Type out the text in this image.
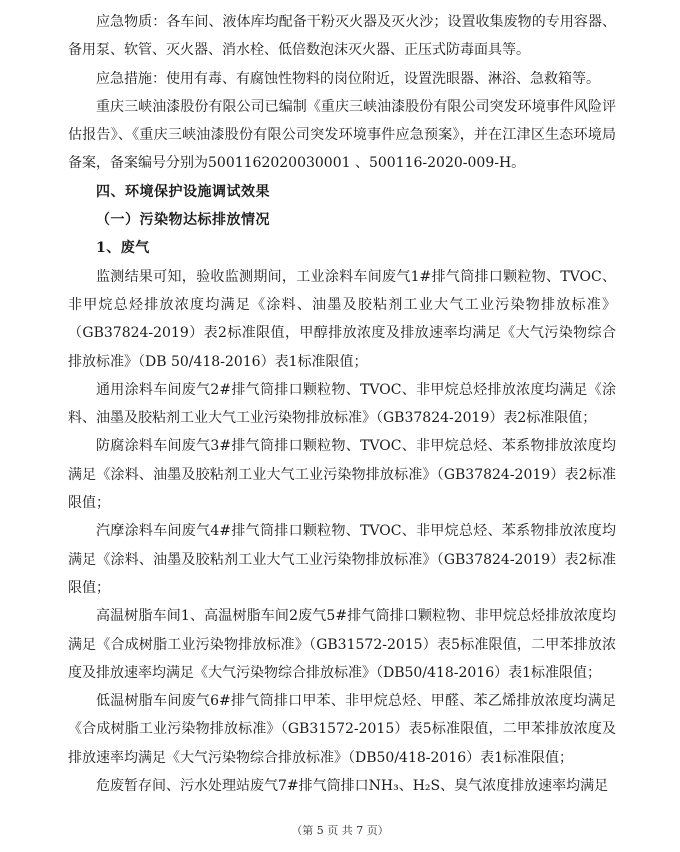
应急物质：各车间、液体库均配备干粉灭火器及灭火沙；设置收集废物的专用容器、备用泵、软管、灭火器、消水栓、低倍数泡沫灭火器、正压式防毒面具等。

应急措施：使用有毒、有腐蚀性物料的岗位附近，设置洗眼器、淋浴、急救箱等。

重庆三峡油漆股份有限公司已编制《重庆三峡油漆股份有限公司突发环境事件风险评估报告》、《重庆三峡油漆股份有限公司突发环境事件应急预案》，并在江津区生态环境局备案，备案编号分别为5001162020030001 、500116-2020-009-H。

四、环境保护设施调试效果

（一）污染物达标排放情况

1、废气

监测结果可知，验收监测期间，工业涂料车间废气1#排气筒排口颗粒物、TVOC、非甲烷总烃排放浓度均满足《涂料、油墨及胶粘剂工业大气工业污染物排放标准》（GB37824-2019）表2标准限值，甲醇排放浓度及排放速率均满足《大气污染物综合排放标准》（DB 50/418-2016）表1标准限值；

通用涂料车间废气2#排气筒排口颗粒物、TVOC、非甲烷总烃排放浓度均满足《涂料、油墨及胶粘剂工业大气工业污染物排放标准》（GB37824-2019）表2标准限值；

防腐涂料车间废气3#排气筒排口颗粒物、TVOC、非甲烷总烃、苯系物排放浓度均满足《涂料、油墨及胶粘剂工业大气工业污染物排放标准》（GB37824-2019）表2标准限值；

汽摩涂料车间废气4#排气筒排口颗粒物、TVOC、非甲烷总烃、苯系物排放浓度均满足《涂料、油墨及胶粘剂工业大气工业污染物排放标准》（GB37824-2019）表2标准限值；

高温树脂车间1、高温树脂车间2废气5#排气筒排口颗粒物、非甲烷总烃排放浓度均满足《合成树脂工业污染物排放标准》（GB31572-2015）表5标准限值，二甲苯排放浓度及排放速率均满足《大气污染物综合排放标准》（DB50/418-2016）表1标准限值；

低温树脂车间废气6#排气筒排口甲苯、非甲烷总烃、甲醛、苯乙烯排放浓度均满足《合成树脂工业污染物排放标准》（GB31572-2015）表5标准限值，二甲苯排放浓度及排放速率均满足《大气污染物综合排放标准》（DB50/418-2016）表1标准限值；

危废暂存间、污水处理站废气7#排气筒排口NH₃、H₂S、臭气浓度排放速率均满足

（第 5 页 共 7 页）
